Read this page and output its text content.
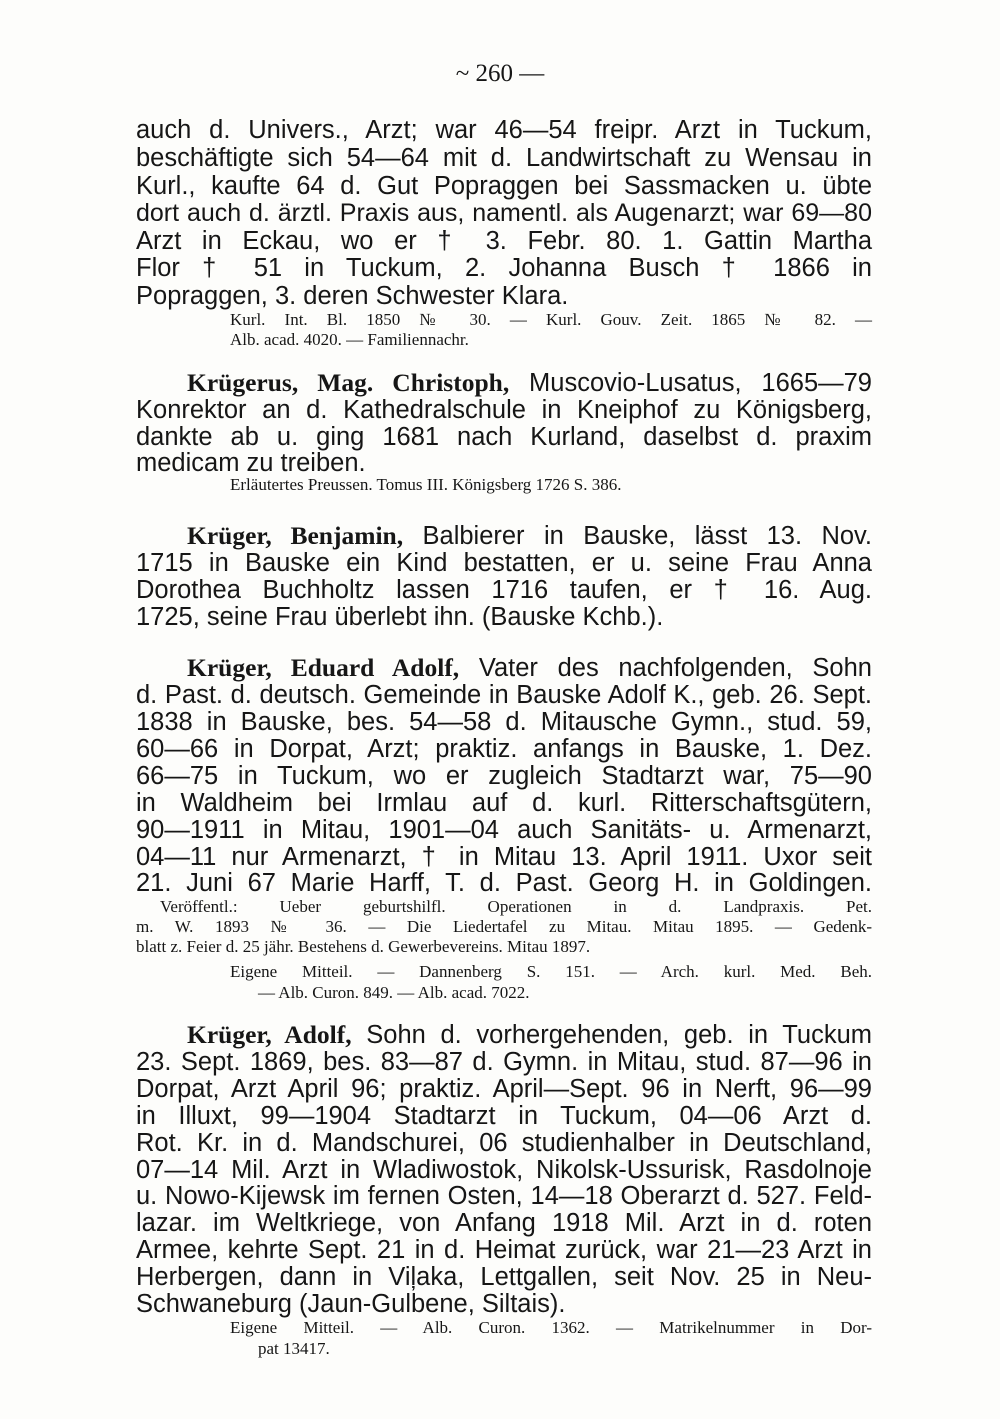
~ 260 —
auch d. Univers., Arzt; war 46—54 freipr. Arzt in Tuckum,
beschäftigte sich 54—64 mit d. Landwirtschaft zu Wensau in
Kurl., kaufte 64 d. Gut Popraggen bei Sassmacken u. übte
dort auch d. ärztl. Praxis aus, namentl. als Augenarzt; war 69—80
Arzt in Eckau, wo er † 3. Febr. 80. 1. Gattin Martha
Flor † 51 in Tuckum, 2. Johanna Busch † 1866 in
Popraggen, 3. deren Schwester Klara.
Kurl. Int. Bl. 1850 № 30. — Kurl. Gouv. Zeit. 1865 № 82. —
Alb. acad. 4020. — Familiennachr.
Krügerus, Mag. Christoph, Muscovio-Lusatus, 1665—79
Konrektor an d. Kathedralschule in Kneiphof zu Königsberg,
dankte ab u. ging 1681 nach Kurland, daselbst d. praxim
medicam zu treiben.
Erläutertes Preussen. Tomus III. Königsberg 1726 S. 386.
Krüger, Benjamin, Balbierer in Bauske, lässt 13. Nov.
1715 in Bauske ein Kind bestatten, er u. seine Frau Anna
Dorothea Buchholtz lassen 1716 taufen, er † 16. Aug.
1725, seine Frau überlebt ihn. (Bauske Kchb.).
Krüger, Eduard Adolf, Vater des nachfolgenden, Sohn
d. Past. d. deutsch. Gemeinde in Bauske Adolf K., geb. 26. Sept.
1838 in Bauske, bes. 54—58 d. Mitausche Gymn., stud. 59,
60—66 in Dorpat, Arzt; praktiz. anfangs in Bauske, 1. Dez.
66—75 in Tuckum, wo er zugleich Stadtarzt war, 75—90
in Waldheim bei Irmlau auf d. kurl. Ritterschaftsgütern,
90—1911 in Mitau, 1901—04 auch Sanitäts- u. Armenarzt,
04—11 nur Armenarzt, † in Mitau 13. April 1911. Uxor seit
21. Juni 67 Marie Harff, T. d. Past. Georg H. in Goldingen.
Veröffentl.: Ueber geburtshilfl. Operationen in d. Landpraxis. Pet.
m. W. 1893 № 36. — Die Liedertafel zu Mitau. Mitau 1895. — Gedenk-
blatt z. Feier d. 25 jähr. Bestehens d. Gewerbevereins. Mitau 1897.
Eigene Mitteil. — Dannenberg S. 151. — Arch. kurl. Med. Beh.
— Alb. Curon. 849. — Alb. acad. 7022.
Krüger, Adolf, Sohn d. vorhergehenden, geb. in Tuckum
23. Sept. 1869, bes. 83—87 d. Gymn. in Mitau, stud. 87—96 in
Dorpat, Arzt April 96; praktiz. April—Sept. 96 in Nerft, 96—99
in Illuxt, 99—1904 Stadtarzt in Tuckum, 04—06 Arzt d.
Rot. Kr. in d. Mandschurei, 06 studienhalber in Deutschland,
07—14 Mil. Arzt in Wladiwostok, Nikolsk-Ussurisk, Rasdolnoje
u. Nowo-Kijewsk im fernen Osten, 14—18 Oberarzt d. 527. Feld-
lazar. im Weltkriege, von Anfang 1918 Mil. Arzt in d. roten
Armee, kehrte Sept. 21 in d. Heimat zurück, war 21—23 Arzt in
Herbergen, dann in Viļaka, Lettgallen, seit Nov. 25 in Neu-
Schwaneburg (Jaun-Gulbene, Siltais).
Eigene Mitteil. — Alb. Curon. 1362. — Matrikelnummer in Dor-
pat 13417.
